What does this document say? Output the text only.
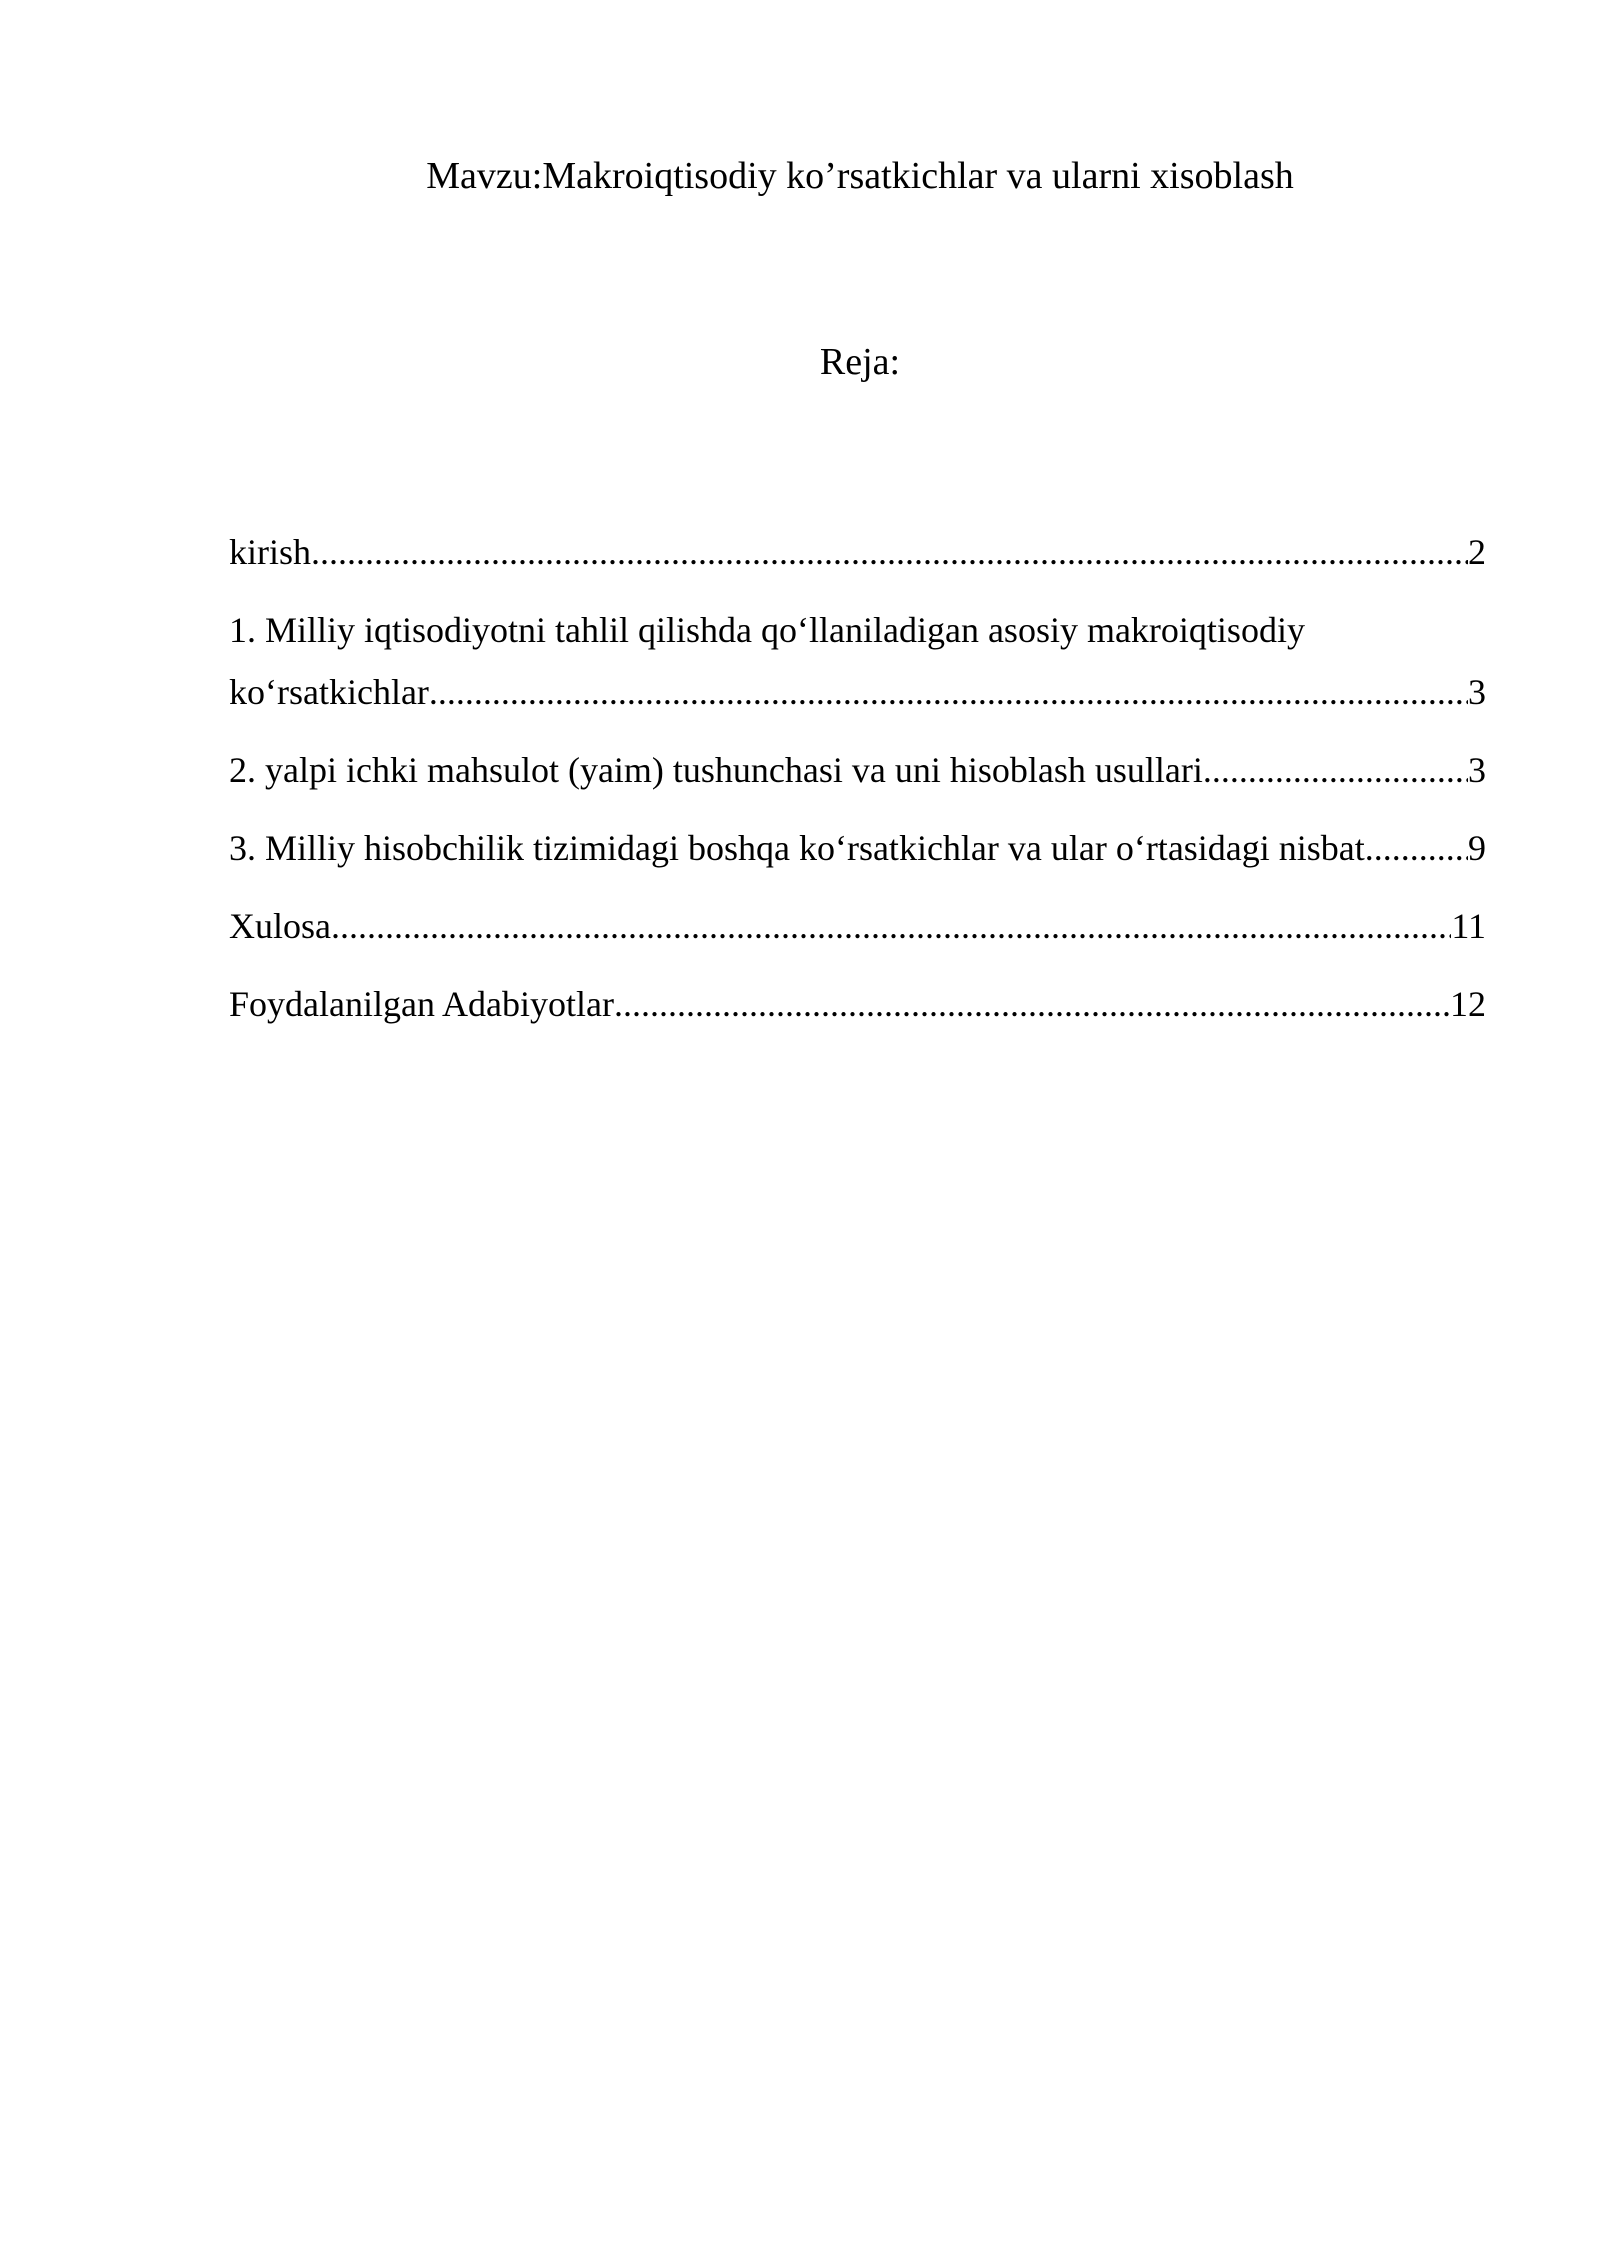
Mavzu:Makroiqtisodiy ko’rsatkichlar va ularni xisoblash
Reja:
kirish .....	2
1. Milliy iqtisodiyotni tahlil qilishda qo‘llaniladigan asosiy makroiqtisodiy
ko‘rsatkichlar .....	3
2. yalpi ichki mahsulot (yaim) tushunchasi va uni hisoblash usullari .....	3
3. Milliy hisobchilik tizimidagi boshqa ko‘rsatkichlar va ular o‘rtasidagi nisbat .....	9
Xulosa .....	11
Foydalanilgan Adabiyotlar .....	12
